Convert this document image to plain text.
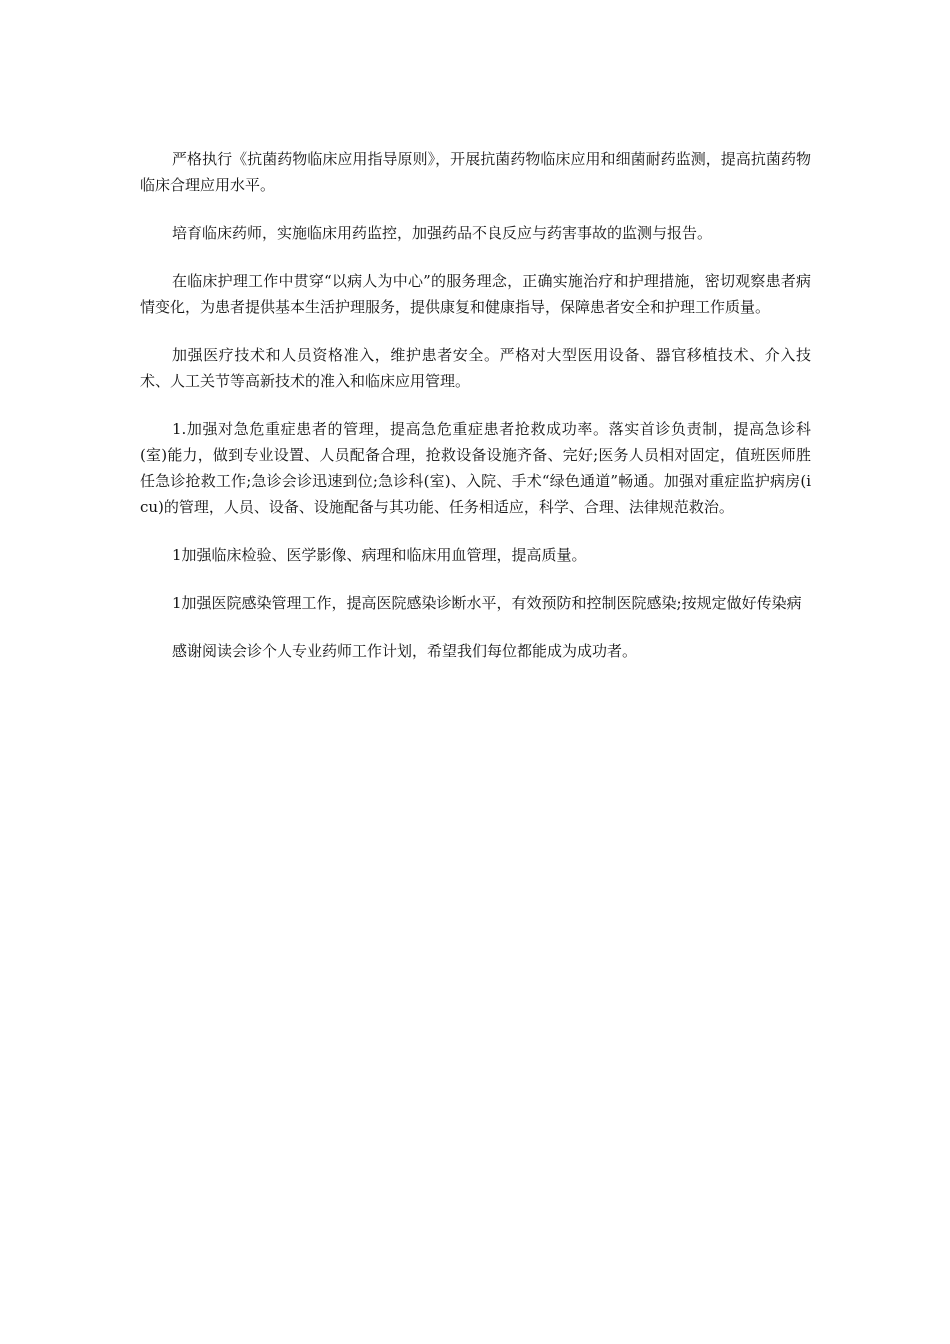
严格执行《抗菌药物临床应用指导原则》，开展抗菌药物临床应用和细菌耐药监测，提高抗菌药物临床合理应用水平。

培育临床药师，实施临床用药监控，加强药品不良反应与药害事故的监测与报告。

在临床护理工作中贯穿“以病人为中心”的服务理念，正确实施治疗和护理措施，密切观察患者病情变化，为患者提供基本生活护理服务，提供康复和健康指导，保障患者安全和护理工作质量。

加强医疗技术和人员资格准入，维护患者安全。严格对大型医用设备、器官移植技术、介入技术、人工关节等高新技术的准入和临床应用管理。

1.加强对急危重症患者的管理，提高急危重症患者抢救成功率。落实首诊负责制，提高急诊科(室)能力，做到专业设置、人员配备合理，抢救设备设施齐备、完好;医务人员相对固定，值班医师胜任急诊抢救工作;急诊会诊迅速到位;急诊科(室)、入院、手术“绿色通道”畅通。加强对重症监护病房(icu)的管理，人员、设备、设施配备与其功能、任务相适应，科学、合理、法律规范救治。

1加强临床检验、医学影像、病理和临床用血管理，提高质量。

1加强医院感染管理工作，提高医院感染诊断水平，有效预防和控制医院感染;按规定做好传染病

感谢阅读会诊个人专业药师工作计划，希望我们每位都能成为成功者。
